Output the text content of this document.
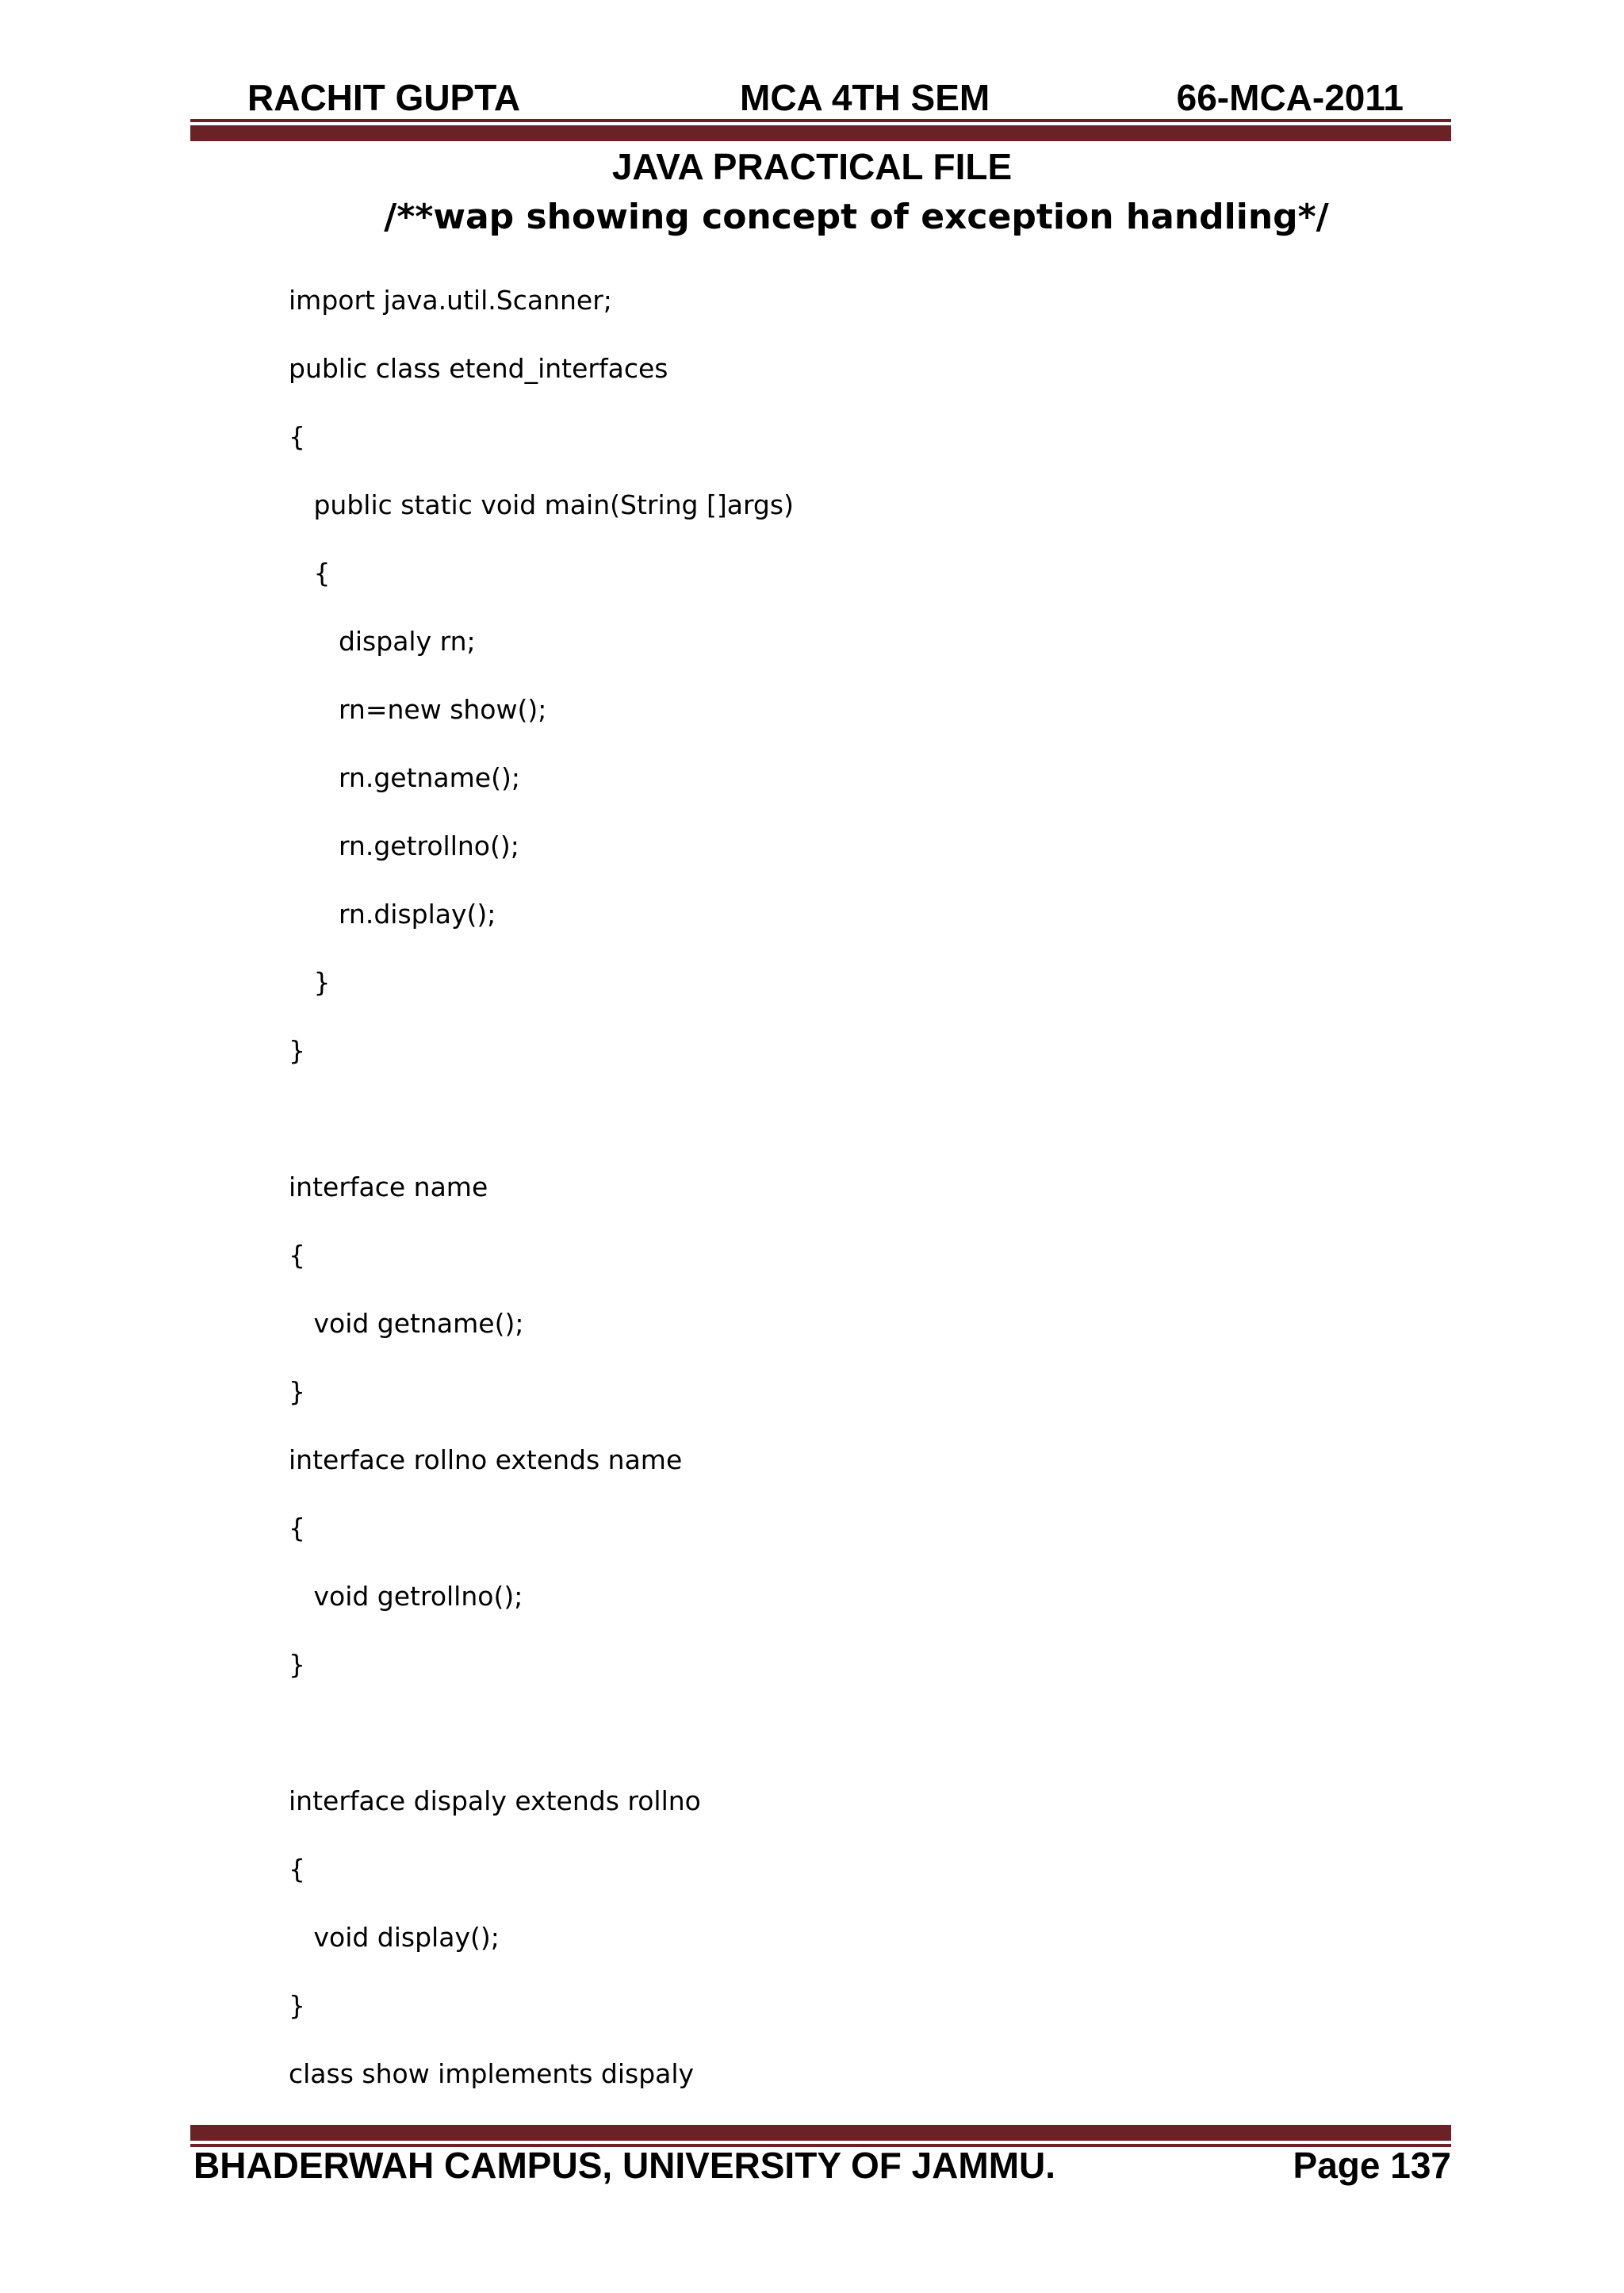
RACHIT GUPTA	MCA 4TH SEM	66-MCA-2011
JAVA PRACTICAL FILE
/**wap showing concept of exception handling*/
import java.util.Scanner;
public class etend_interfaces
{
public static void main(String []args)
{
dispaly rn;
rn=new show();
rn.getname();
rn.getrollno();
rn.display();
}
}
interface name
{
void getname();
}
interface rollno extends name
{
void getrollno();
}
interface dispaly extends rollno
{
void display();
}
class show implements dispaly
BHADERWAH CAMPUS, UNIVERSITY OF JAMMU.	Page 137
